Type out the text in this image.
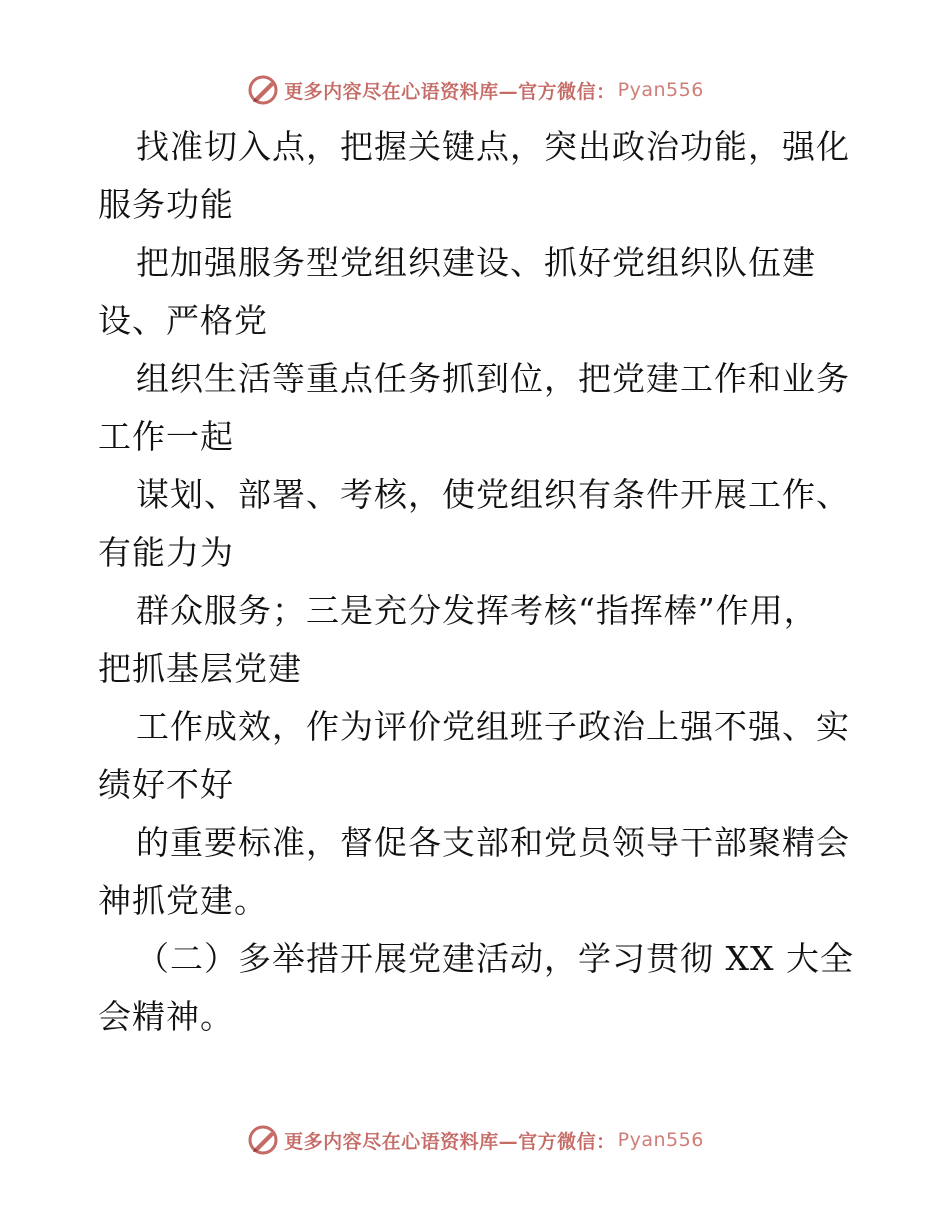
更多内容尽在心语资料库—官方微信： Pyan556
找准切入点，把握关键点，突出政治功能，强化
服务功能
把加强服务型党组织建设、抓好党组织队伍建
设、严格党
组织生活等重点任务抓到位，把党建工作和业务
工作一起
谋划、部署、考核，使党组织有条件开展工作、
有能力为
群众服务；三是充分发挥考核“指挥棒”作用，
把抓基层党建
工作成效，作为评价党组班子政治上强不强、实
绩好不好
的重要标准，督促各支部和党员领导干部聚精会
神抓党建。
（二）多举措开展党建活动，学习贯彻 XX 大全
会精神。
更多内容尽在心语资料库—官方微信： Pyan556
